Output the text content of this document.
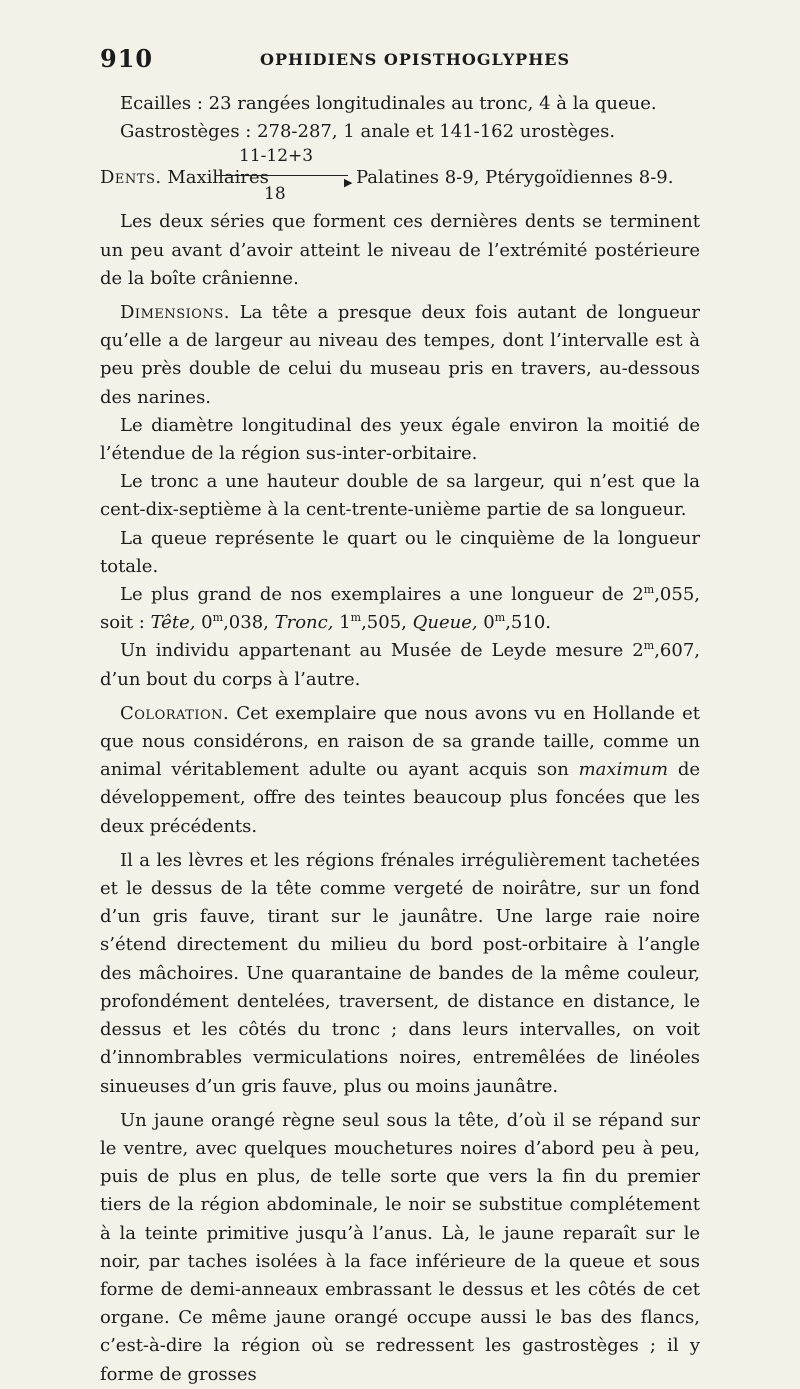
910	OPHIDIENS OPISTHOGLYPHES

Ecailles : 23 rangées longitudinales au tronc, 4 à la queue.

Gastrostèges : 278-287, 1 anale et 141-162 urostèges.

Dents. Maxillaires
11-12+3
▶
18
Palatines 8-9, Ptérygoïdiennes 8-9.

Les deux séries que forment ces dernières dents se terminent un peu avant d’avoir atteint le niveau de l’extrémité postérieure de la boîte crânienne.

Dimensions. La tête a presque deux fois autant de longueur qu’elle a de largeur au niveau des tempes, dont l’intervalle est à peu près double de celui du museau pris en travers, au-dessous des narines.

Le diamètre longitudinal des yeux égale environ la moitié de l’étendue de la région sus-inter-orbitaire.

Le tronc a une hauteur double de sa largeur, qui n’est que la cent-dix-septième à la cent-trente-unième partie de sa longueur.

La queue représente le quart ou le cinquième de la longueur totale.

Le plus grand de nos exemplaires a une longueur de 2$^m$,055, soit : Tête, 0$^m$,038, Tronc, 1$^m$,505, Queue, 0$^m$,510.

Un individu appartenant au Musée de Leyde mesure 2$^m$,607, d’un bout du corps à l’autre.

Coloration. Cet exemplaire que nous avons vu en Hollande et que nous considérons, en raison de sa grande taille, comme un animal véritablement adulte ou ayant acquis son maximum de développement, offre des teintes beaucoup plus foncées que les deux précédents.

Il a les lèvres et les régions frénales irrégulièrement tachetées et le dessus de la tête comme vergeté de noirâtre, sur un fond d’un gris fauve, tirant sur le jaunâtre. Une large raie noire s’étend directement du milieu du bord post-orbitaire à l’angle des mâchoires. Une quarantaine de bandes de la même couleur, profondément dentelées, traversent, de distance en distance, le dessus et les côtés du tronc ; dans leurs intervalles, on voit d’innombrables vermiculations noires, entremêlées de linéoles sinueuses d’un gris fauve, plus ou moins jaunâtre.

Un jaune orangé règne seul sous la tête, d’où il se répand sur le ventre, avec quelques mouchetures noires d’abord peu à peu, puis de plus en plus, de telle sorte que vers la fin du premier tiers de la région abdominale, le noir se substitue complétement à la teinte primitive jusqu’à l’anus. Là, le jaune reparaît sur le noir, par taches isolées à la face inférieure de la queue et sous forme de demi-anneaux embrassant le dessus et les côtés de cet organe. Ce même jaune orangé occupe aussi le bas des flancs, c’est-à-dire la région où se redressent les gastrostèges ; il y forme de grosses
